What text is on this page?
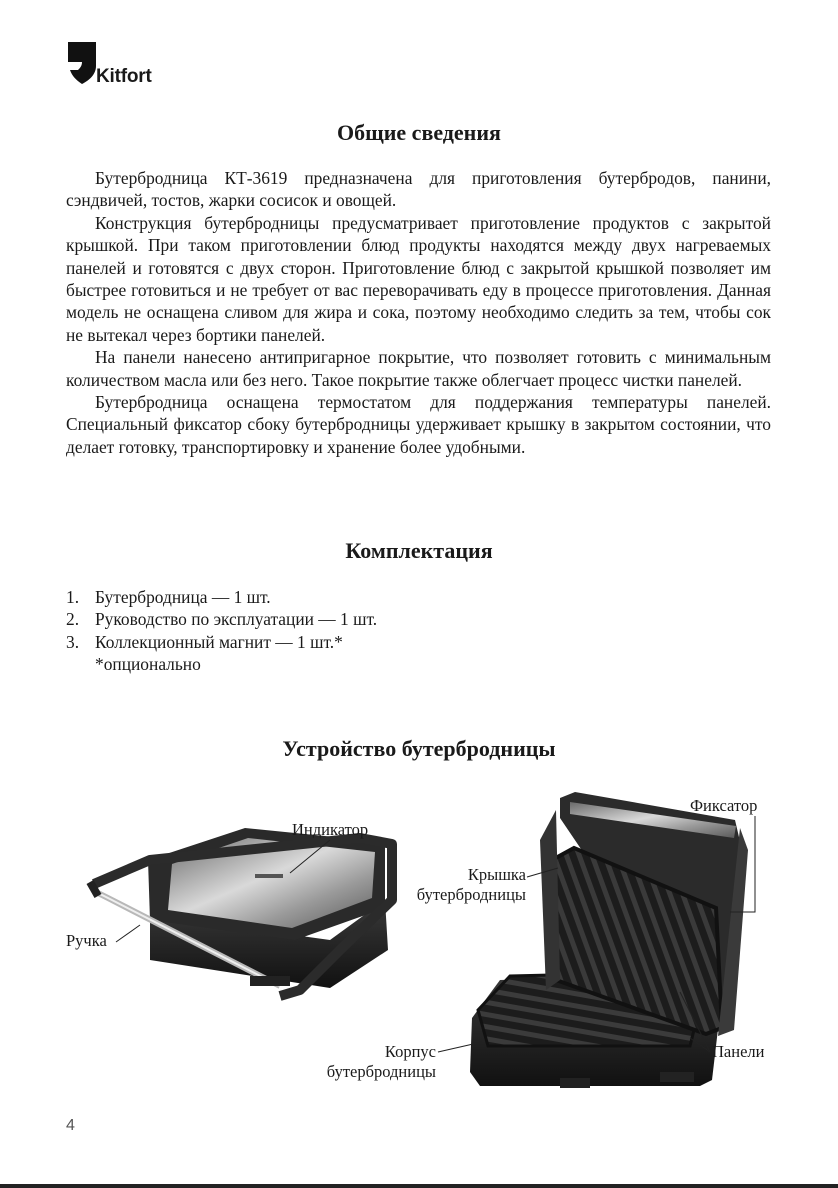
Kitfort
Общие сведения

Бутербродница КТ-3619 предназначена для приготовления бутербродов, панини, сэндвичей, тостов, жарки сосисок и овощей.

Конструкция бутербродницы предусматривает приготовление продуктов с закрытой крышкой. При таком приготовлении блюд продукты находятся между двух нагреваемых панелей и готовятся с двух сторон. Приготовление блюд с закрытой крышкой позволяет им быстрее готовиться и не требует от вас переворачивать еду в процессе приготовления. Данная модель не оснащена сливом для жира и сока, поэтому необходимо следить за тем, чтобы сок не вытекал через бортики панелей.

На панели нанесено антипригарное покрытие, что позволяет готовить с минимальным количеством масла или без него. Такое покрытие также облегчает процесс чистки панелей.

Бутербродница оснащена термостатом для поддержания температуры панелей. Специальный фиксатор сбоку бутербродницы удерживает крышку в закрытом состоянии, что делает готовку, транспортировку и хранение более удобными.

Комплектация
1. Бутербродница — 1 шт.
2. Руководство по эксплуатации — 1 шт.
3. Коллекционный магнит — 1 шт.*
*опционально
Устройство бутербродницы
Индикатор
Ручка
Крышка
бутербродницы
Фиксатор
Корпус
бутербродницы
Панели
4
